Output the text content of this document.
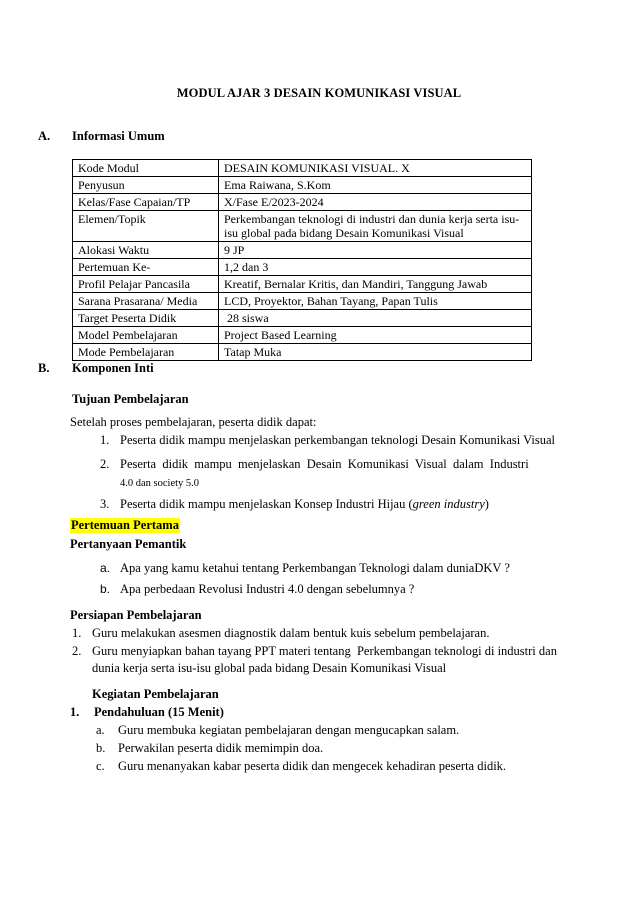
MODUL AJAR 3 DESAIN KOMUNIKASI VISUAL
A. Informasi Umum
Kode Modul	DESAIN KOMUNIKASI VISUAL. X
Penyusun	Ema Raiwana, S.Kom
Kelas/Fase Capaian/TP	X/Fase E/2023-2024
Elemen/Topik	Perkembangan teknologi di industri dan dunia kerja serta isu-isu global pada bidang Desain Komunikasi Visual
Alokasi Waktu	9 JP
Pertemuan Ke-	1,2 dan 3
Profil Pelajar Pancasila	Kreatif, Bernalar Kritis, dan Mandiri, Tanggung Jawab
Sarana Prasarana/ Media	LCD, Proyektor, Bahan Tayang, Papan Tulis
Target Peserta Didik	28 siswa
Model Pembelajaran	Project Based Learning
Mode Pembelajaran	Tatap Muka
B. Komponen Inti
Tujuan Pembelajaran
Setelah proses pembelajaran, peserta didik dapat:
1. Peserta didik mampu menjelaskan perkembangan teknologi Desain Komunikasi Visual
2. Peserta  didik  mampu  menjelaskan  Desain  Komunikasi  Visual  dalam  Industri
4.0 dan society 5.0
3. Peserta didik mampu menjelaskan Konsep Industri Hijau (green industry)
Pertemuan Pertama
Pertanyaan Pemantik
a. Apa yang kamu ketahui tentang Perkembangan Teknologi dalam duniaDKV ?
b. Apa perbedaan Revolusi Industri 4.0 dengan sebelumnya ?
Persiapan Pembelajaran
1. Guru melakukan asesmen diagnostik dalam bentuk kuis sebelum pembelajaran.
2. Guru menyiapkan bahan tayang PPT materi tentang  Perkembangan teknologi di industri dan
dunia kerja serta isu-isu global pada bidang Desain Komunikasi Visual
Kegiatan Pembelajaran
1. Pendahuluan (15 Menit)
a. Guru membuka kegiatan pembelajaran dengan mengucapkan salam.
b. Perwakilan peserta didik memimpin doa.
c. Guru menanyakan kabar peserta didik dan mengecek kehadiran peserta didik.
